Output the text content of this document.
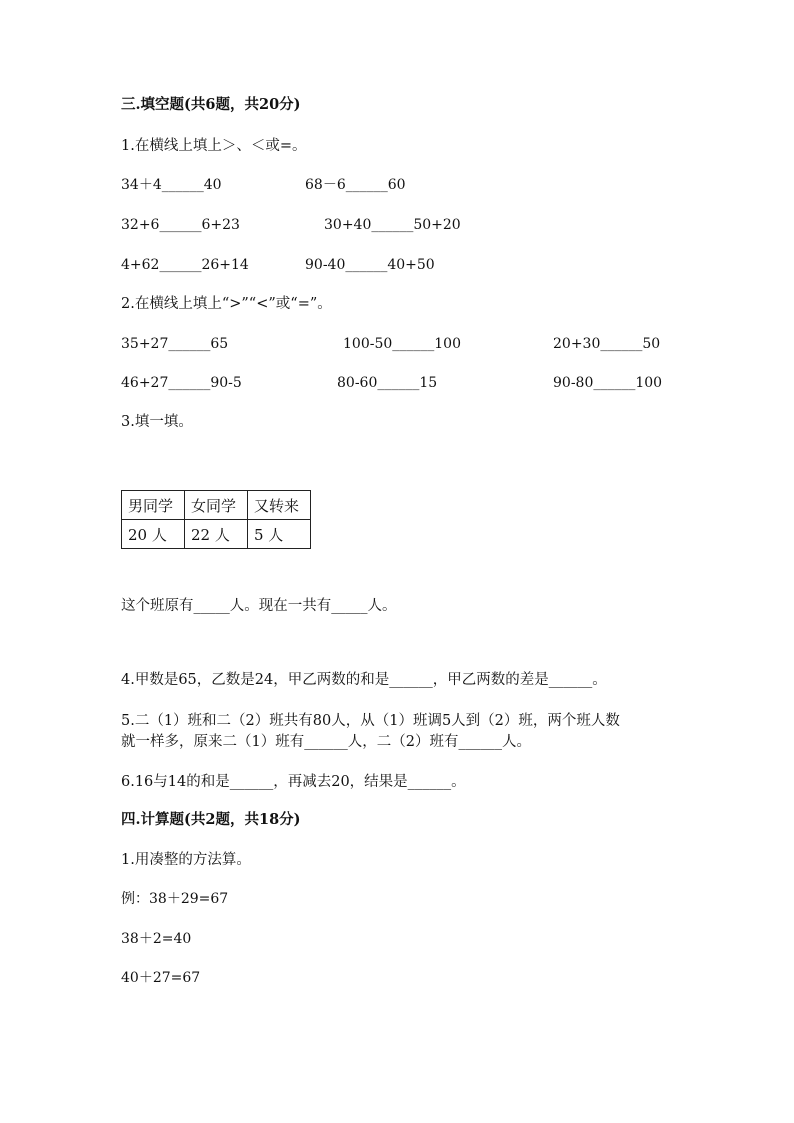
三.填空题(共6题，共20分)
1.在横线上填上＞、＜或=。
34＋4______40	68－6______60
32+6______6+23	30+40______50+20
4+62______26+14	90-40______40+50
2.在横线上填上“>”“<”或“=”。
35+27______65	100-50______100	20+30______50
46+27______90-5	80-60______15	90-80______100
3.填一填。
男同学	女同学	又转来
20 人	22 人	5 人
这个班原有_____人。现在一共有_____人。
4.甲数是65，乙数是24，甲乙两数的和是______，甲乙两数的差是______。
5.二（1）班和二（2）班共有80人，从（1）班调5人到（2）班，两个班人数
就一样多，原来二（1）班有______人，二（2）班有______人。
6.16与14的和是______，再减去20，结果是______。
四.计算题(共2题，共18分)
1.用凑整的方法算。
例：38＋29=67
38＋2=40
40＋27=67
